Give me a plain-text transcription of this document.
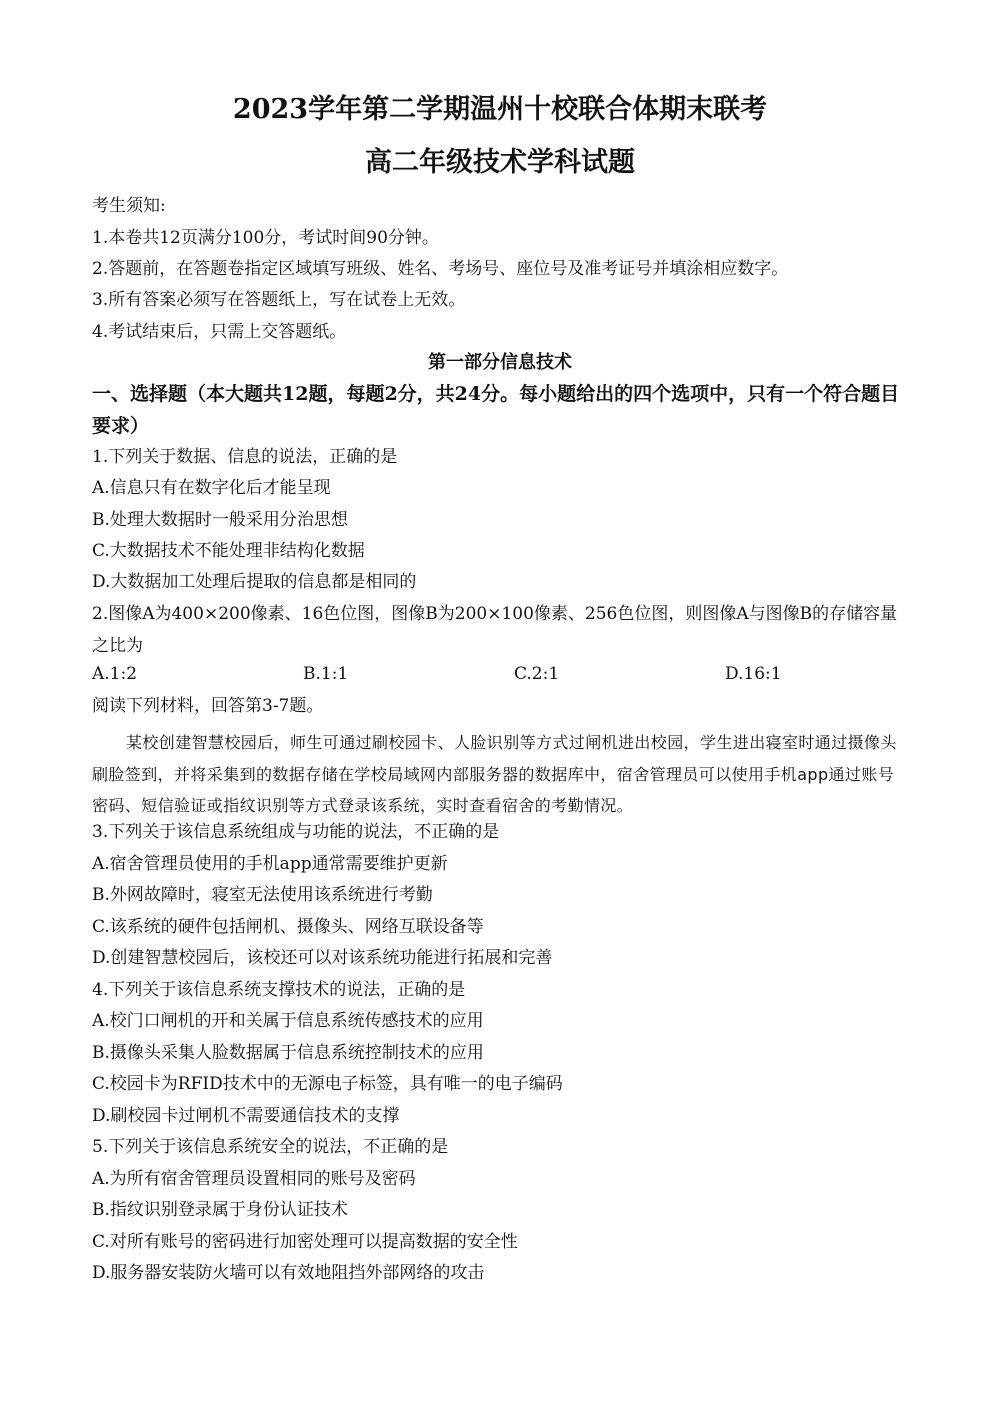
2023学年第二学期温州十校联合体期末联考
高二年级技术学科试题
考生须知:
1.本卷共12页满分100分，考试时间90分钟。
2.答题前，在答题卷指定区域填写班级、姓名、考场号、座位号及准考证号并填涂相应数字。
3.所有答案必须写在答题纸上，写在试卷上无效。
4.考试结束后，只需上交答题纸。
第一部分信息技术
一、选择题（本大题共12题，每题2分，共24分。每小题给出的四个选项中，只有一个符合题目要求）
1.下列关于数据、信息的说法，正确的是
A.信息只有在数字化后才能呈现
B.处理大数据时一般采用分治思想
C.大数据技术不能处理非结构化数据
D.大数据加工处理后提取的信息都是相同的
2.图像A为400×200像素、16色位图，图像B为200×100像素、256色位图，则图像A与图像B的存储容量之比为
A.1:2	B.1:1	C.2:1	D.16:1
阅读下列材料，回答第3-7题。
某校创建智慧校园后，师生可通过刷校园卡、人脸识别等方式过闸机进出校园，学生进出寝室时通过摄像头刷脸签到，并将采集到的数据存储在学校局域网内部服务器的数据库中，宿舍管理员可以使用手机app通过账号密码、短信验证或指纹识别等方式登录该系统，实时查看宿舍的考勤情况。
3.下列关于该信息系统组成与功能的说法，不正确的是
A.宿舍管理员使用的手机app通常需要维护更新
B.外网故障时，寝室无法使用该系统进行考勤
C.该系统的硬件包括闸机、摄像头、网络互联设备等
D.创建智慧校园后，该校还可以对该系统功能进行拓展和完善
4.下列关于该信息系统支撑技术的说法，正确的是
A.校门口闸机的开和关属于信息系统传感技术的应用
B.摄像头采集人脸数据属于信息系统控制技术的应用
C.校园卡为RFID技术中的无源电子标签，具有唯一的电子编码
D.刷校园卡过闸机不需要通信技术的支撑
5.下列关于该信息系统安全的说法，不正确的是
A.为所有宿舍管理员设置相同的账号及密码
B.指纹识别登录属于身份认证技术
C.对所有账号的密码进行加密处理可以提高数据的安全性
D.服务器安装防火墙可以有效地阻挡外部网络的攻击
